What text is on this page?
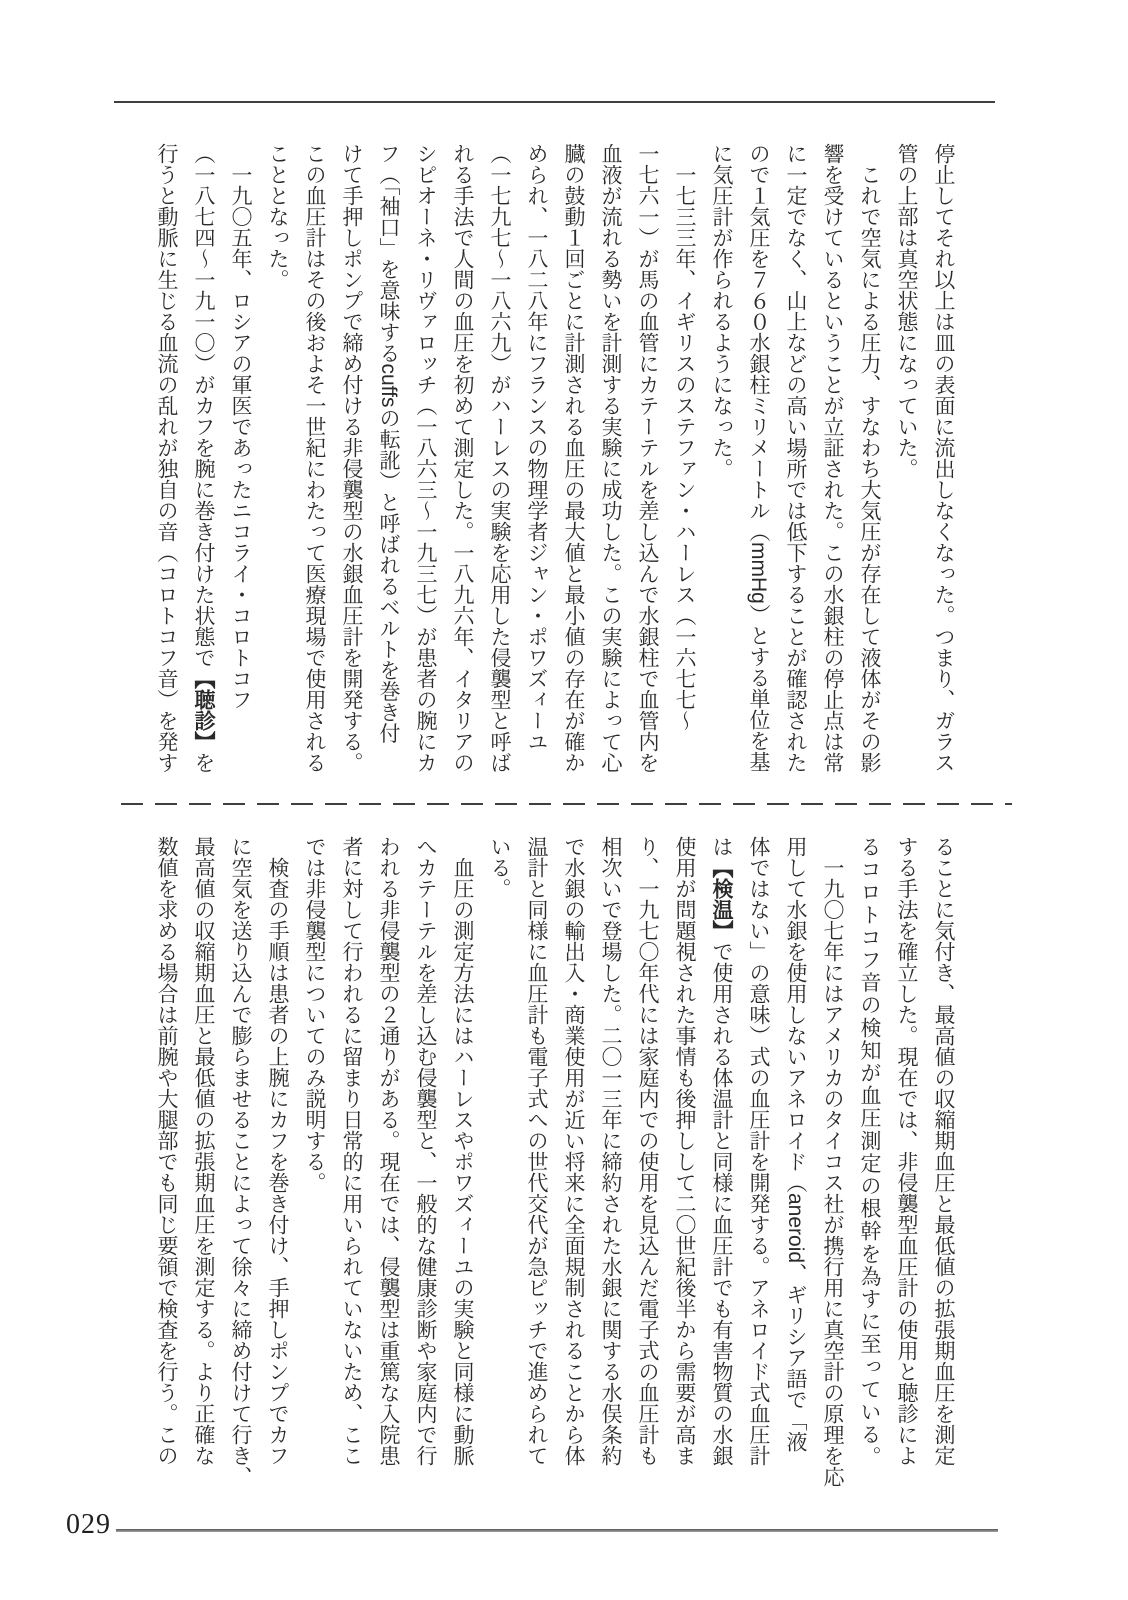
停止してそれ以上は皿の表面に流出しなくなった。つまり、ガラス
管の上部は真空状態になっていた。
　これで空気による圧力、すなわち大気圧が存在して液体がその影
響を受けているということが立証された。この水銀柱の停止点は常
に一定でなく、山上などの高い場所では低下することが確認された
ので１気圧を７６０水銀柱ミリメートル（mmHg）とする単位を基
に気圧計が作られるようになった。
　一七三三年、イギリスのステファン・ハーレス（一六七七～
一七六一）が馬の血管にカテーテルを差し込んで水銀柱で血管内を
血液が流れる勢いを計測する実験に成功した。この実験によって心
臓の鼓動１回ごとに計測される血圧の最大値と最小値の存在が確か
められ、一八二八年にフランスの物理学者ジャン・ポワズィーユ
（一七九七～一八六九）がハーレスの実験を応用した侵襲型と呼ば
れる手法で人間の血圧を初めて測定した。一八九六年、イタリアの
シピオーネ・リヴァロッチ（一八六三～一九三七）が患者の腕にカ
フ（「袖口」を意味するcuffsの転訛）と呼ばれるベルトを巻き付
けて手押しポンプで締め付ける非侵襲型の水銀血圧計を開発する。
この血圧計はその後およそ一世紀にわたって医療現場で使用される
こととなった。
　一九〇五年、ロシアの軍医であったニコライ・コロトコフ
（一八七四～一九一〇）がカフを腕に巻き付けた状態で【聴診】を
行うと動脈に生じる血流の乱れが独自の音（コロトコフ音）を発す
ることに気付き、最高値の収縮期血圧と最低値の拡張期血圧を測定
する手法を確立した。現在では、非侵襲型血圧計の使用と聴診によ
るコロトコフ音の検知が血圧測定の根幹を為すに至っている。
　一九〇七年にはアメリカのタイコス社が携行用に真空計の原理を応
用して水銀を使用しないアネロイド（aneroid、ギリシア語で「液
体ではない」の意味）式の血圧計を開発する。アネロイド式血圧計
は【検温】で使用される体温計と同様に血圧計でも有害物質の水銀
使用が問題視された事情も後押しして二〇世紀後半から需要が高ま
り、一九七〇年代には家庭内での使用を見込んだ電子式の血圧計も
相次いで登場した。二〇一三年に締約された水銀に関する水俣条約
で水銀の輸出入・商業使用が近い将来に全面規制されることから体
温計と同様に血圧計も電子式への世代交代が急ピッチで進められて
いる。
　血圧の測定方法にはハーレスやポワズィーユの実験と同様に動脈
へカテーテルを差し込む侵襲型と、一般的な健康診断や家庭内で行
われる非侵襲型の２通りがある。現在では、侵襲型は重篤な入院患
者に対して行われるに留まり日常的に用いられていないため、ここ
では非侵襲型についてのみ説明する。
　検査の手順は患者の上腕にカフを巻き付け、手押しポンプでカフ
に空気を送り込んで膨らませることによって徐々に締め付けて行き、
最高値の収縮期血圧と最低値の拡張期血圧を測定する。より正確な
数値を求める場合は前腕や大腿部でも同じ要領で検査を行う。この
029
